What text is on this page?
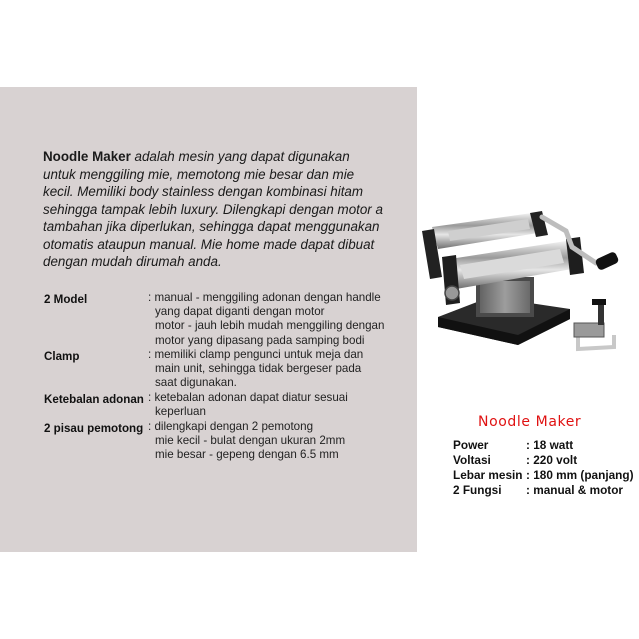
Noodle Maker adalah mesin yang dapat digunakan
untuk menggiling mie, memotong mie besar dan mie
kecil. Memiliki body stainless dengan kombinasi hitam
sehingga tampak lebih luxury. Dilengkapi dengan motor a
tambahan jika diperlukan, sehingga dapat menggunakan
otomatis ataupun manual. Mie home made dapat dibuat
dengan mudah dirumah anda.

2 Model	: manual - menggiling adonan dengan handle
yang dapat diganti dengan motor
motor - jauh lebih mudah menggiling dengan
motor yang dipasang pada samping bodi
Clamp	: memiliki clamp pengunci untuk meja dan
main unit, sehingga tidak bergeser pada
saat digunakan.
Ketebalan adonan : ketebalan adonan dapat diatur sesuai
keperluan
2 pisau pemotong : dilengkapi dengan 2 pemotong
mie kecil - bulat dengan ukuran 2mm
mie besar - gepeng dengan 6.5 mm
Noodle Maker
Power	: 18 watt
Voltasi	: 220 volt
Lebar mesin : 180 mm (panjang)
2 Fungsi : manual & motor
